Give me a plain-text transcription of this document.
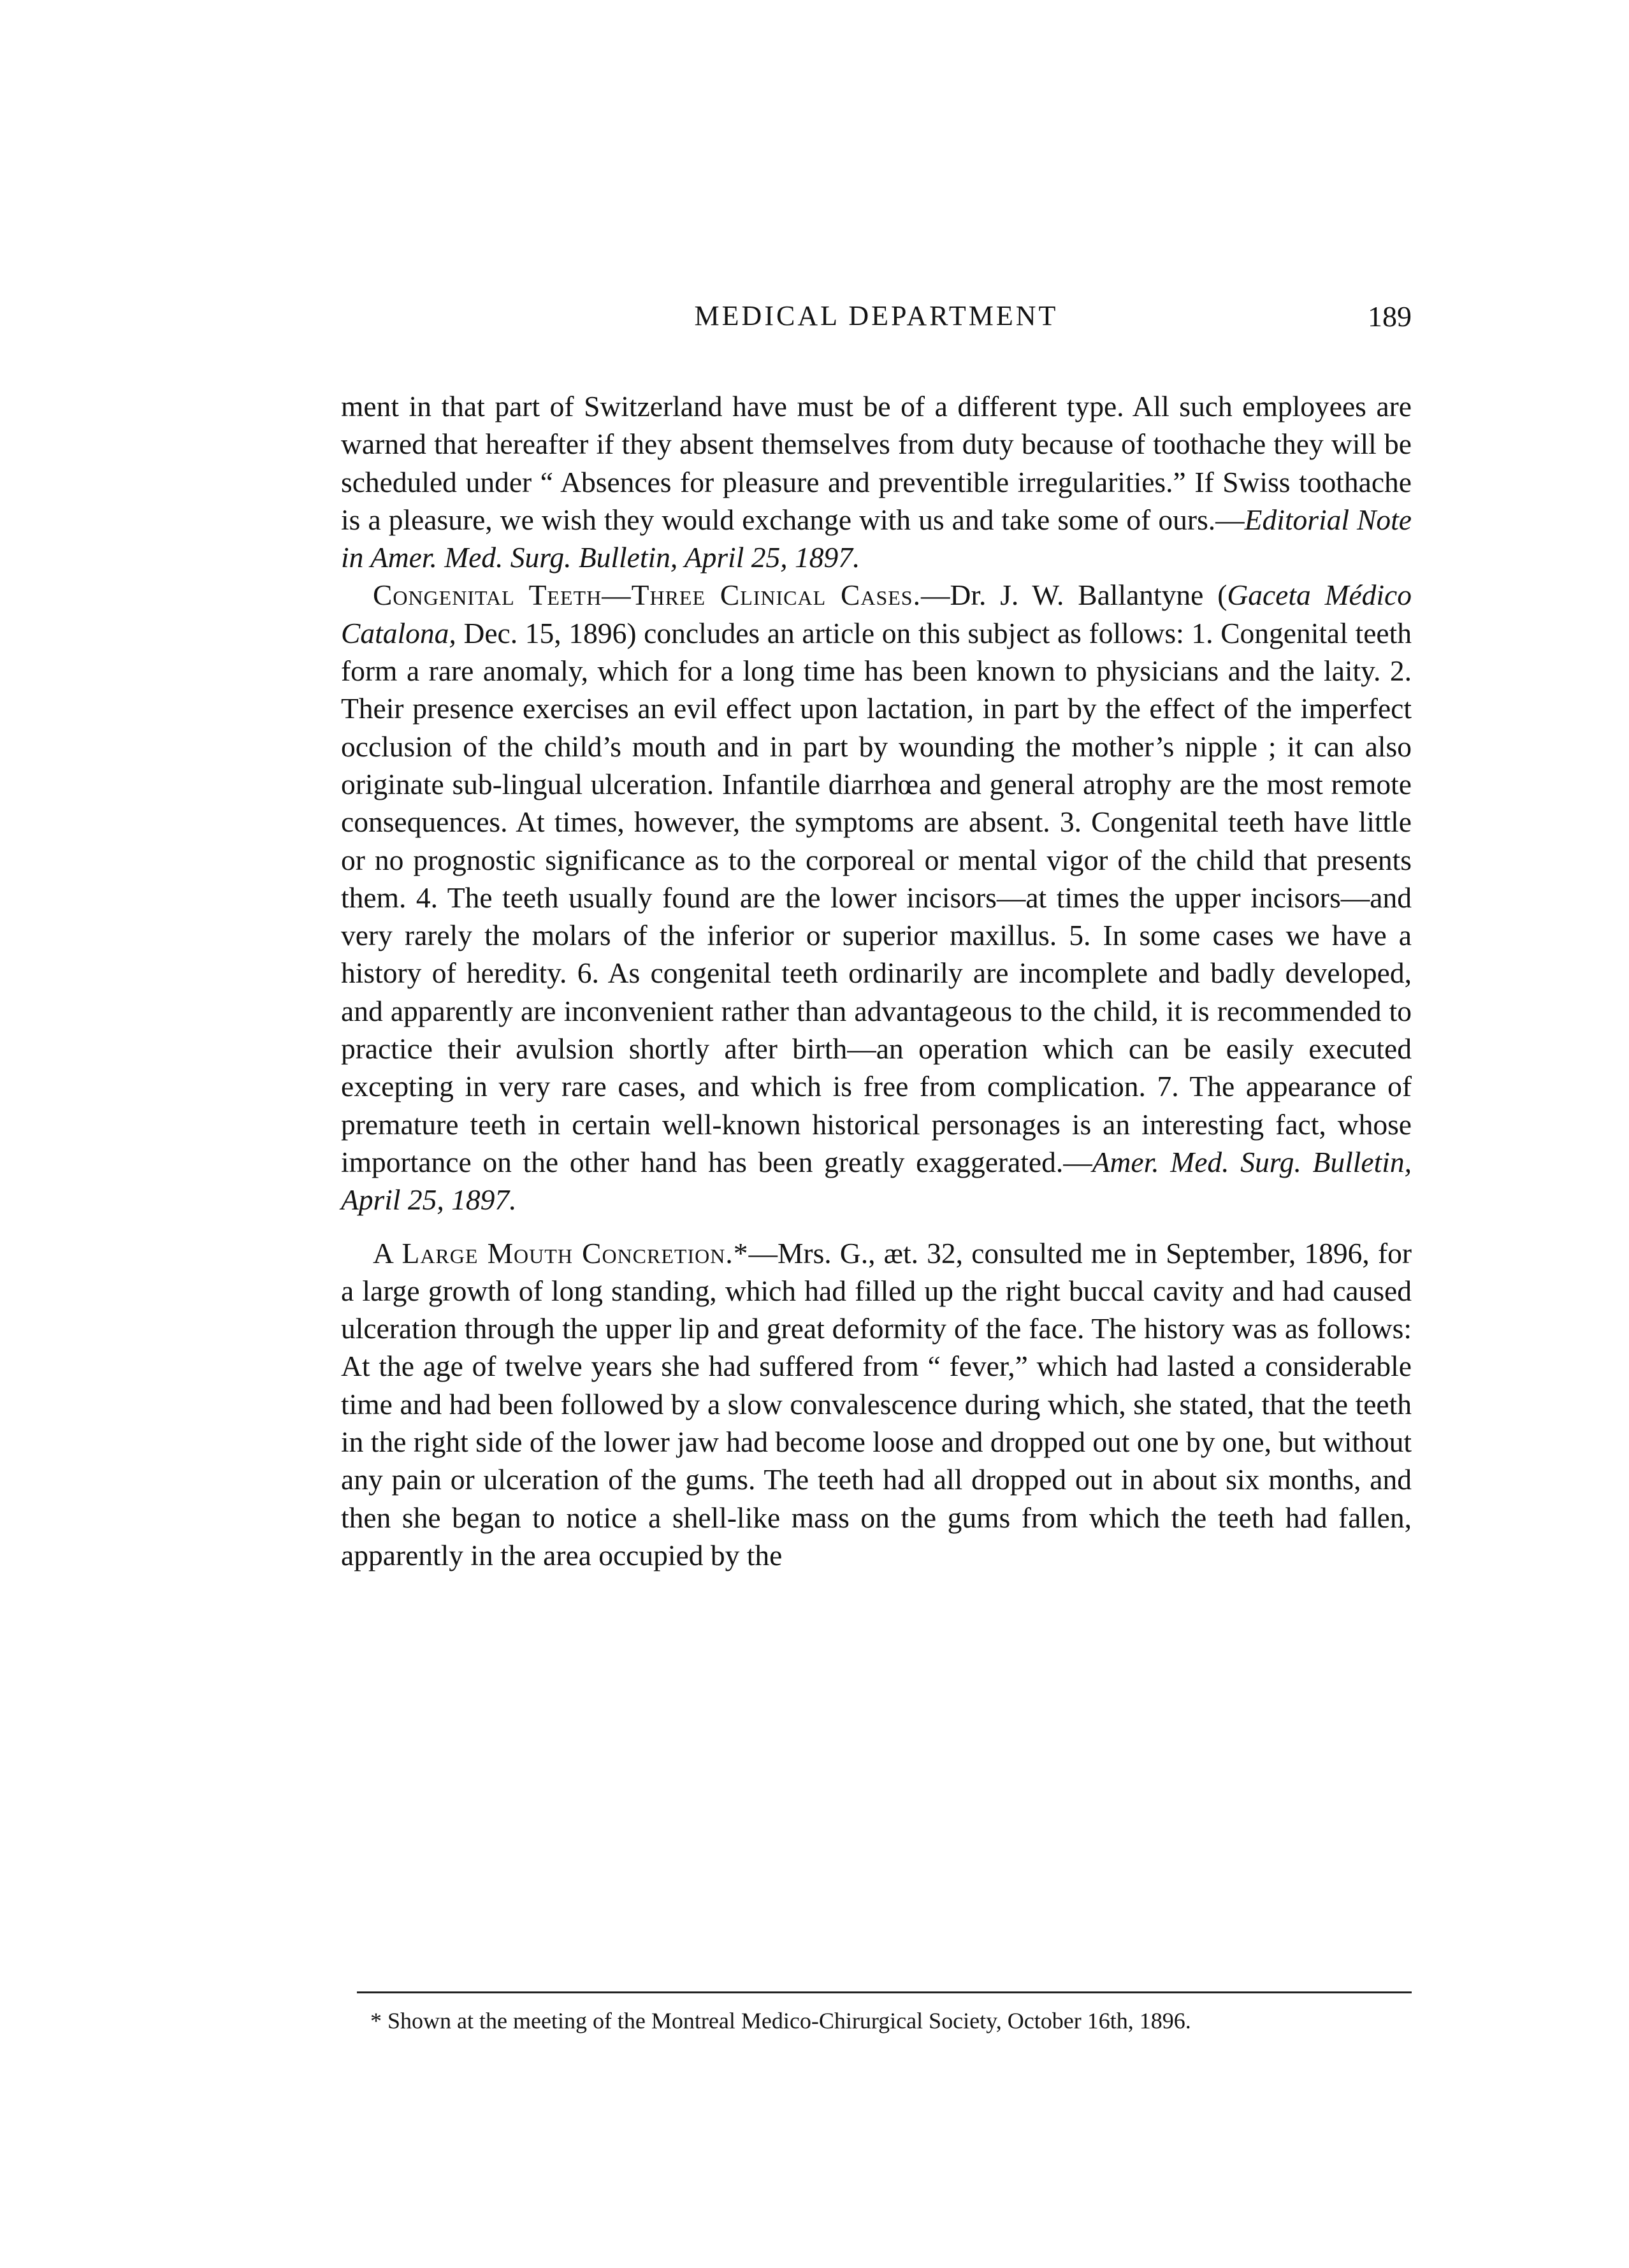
MEDICAL DEPARTMENT	189

ment in that part of Switzerland have must be of a different type. All such employees are warned that hereafter if they absent themselves from duty because of toothache they will be scheduled under “ Absences for pleasure and preventible irregularities.” If Swiss toothache is a pleasure, we wish they would exchange with us and take some of ours.—Editorial Note in Amer. Med. Surg. Bulletin, April 25, 1897.

Congenital Teeth—Three Clinical Cases.—Dr. J. W. Ballantyne (Gaceta Médico Catalona, Dec. 15, 1896) concludes an article on this subject as follows: 1. Congenital teeth form a rare anomaly, which for a long time has been known to physicians and the laity. 2. Their presence exercises an evil effect upon lactation, in part by the effect of the imperfect occlusion of the child’s mouth and in part by wounding the mother’s nipple ; it can also originate sub-lingual ulceration. Infantile diarrhœa and general atrophy are the most remote consequences. At times, however, the symptoms are absent. 3. Congenital teeth have little or no prognostic significance as to the corporeal or mental vigor of the child that presents them. 4. The teeth usually found are the lower incisors—at times the upper incisors—and very rarely the molars of the inferior or superior maxillus. 5. In some cases we have a history of heredity. 6. As congenital teeth ordinarily are incomplete and badly developed, and apparently are inconvenient rather than advantageous to the child, it is recommended to practice their avulsion shortly after birth—an operation which can be easily executed excepting in very rare cases, and which is free from complication. 7. The appearance of premature teeth in certain well-known historical personages is an interesting fact, whose importance on the other hand has been greatly exaggerated.—Amer. Med. Surg. Bulletin, April 25, 1897.

A Large Mouth Concretion.*—Mrs. G., æt. 32, consulted me in September, 1896, for a large growth of long standing, which had filled up the right buccal cavity and had caused ulceration through the upper lip and great deformity of the face. The history was as follows: At the age of twelve years she had suffered from “ fever,” which had lasted a considerable time and had been followed by a slow convalescence during which, she stated, that the teeth in the right side of the lower jaw had become loose and dropped out one by one, but without any pain or ulceration of the gums. The teeth had all dropped out in about six months, and then she began to notice a shell-like mass on the gums from which the teeth had fallen, apparently in the area occupied by the

* Shown at the meeting of the Montreal Medico-Chirurgical Society, October 16th, 1896.
